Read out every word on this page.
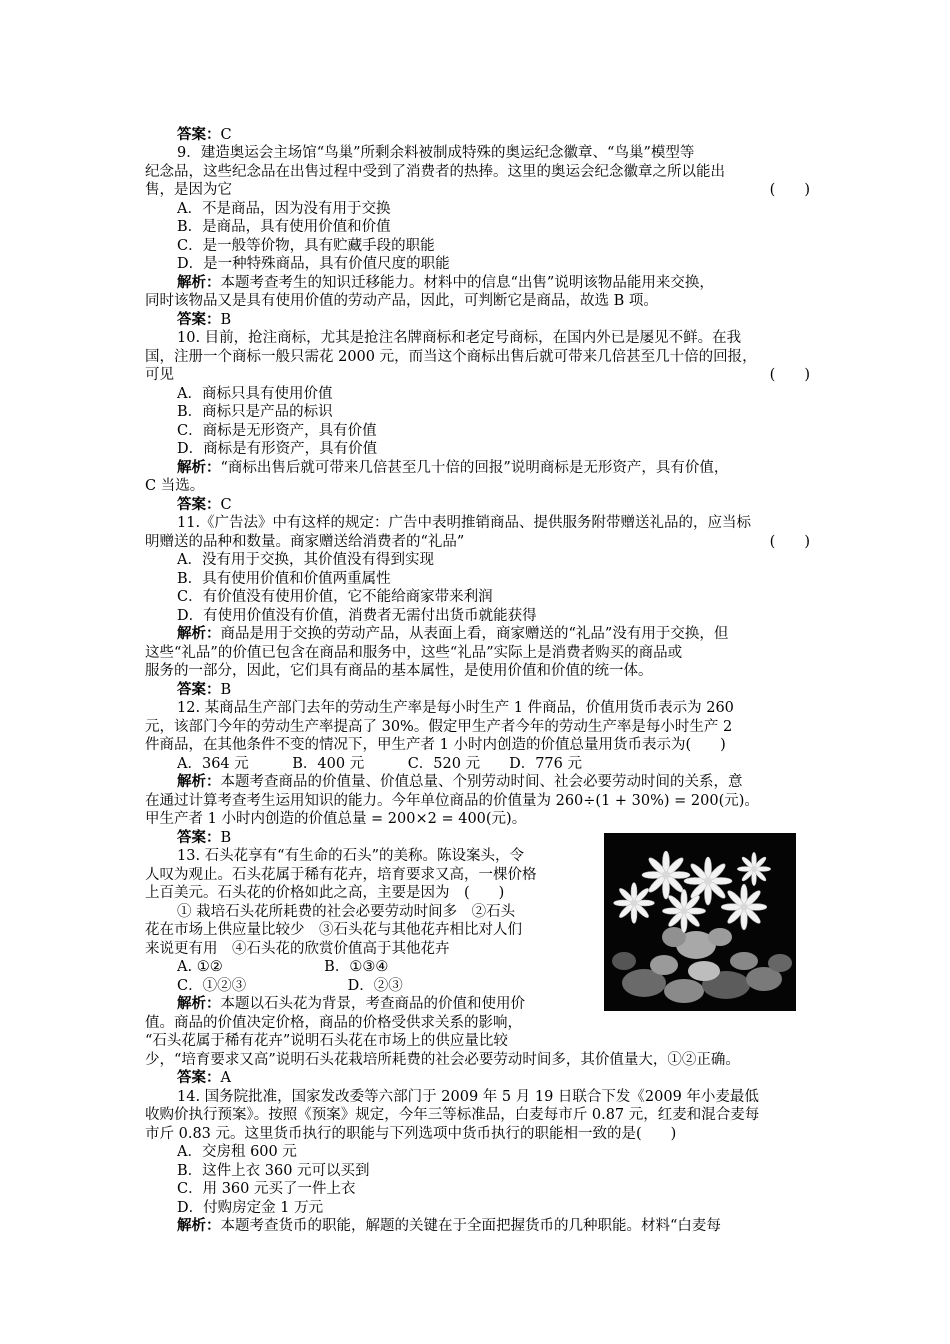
答案：C
9．建造奥运会主场馆“鸟巢”所剩余料被制成特殊的奥运纪念徽章、“鸟巢”模型等
纪念品，这些纪念品在出售过程中受到了消费者的热捧。这里的奥运会纪念徽章之所以能出
售，是因为它	(　　)
A．不是商品，因为没有用于交换
B．是商品，具有使用价值和价值
C．是一般等价物，具有贮藏手段的职能
D．是一种特殊商品，具有价值尺度的职能
解析：本题考查考生的知识迁移能力。材料中的信息“出售”说明该物品能用来交换，
同时该物品又是具有使用价值的劳动产品，因此，可判断它是商品，故选 B 项。
答案：B
10. 目前，抢注商标，尤其是抢注名牌商标和老定号商标，在国内外已是屡见不鲜。在我
国，注册一个商标一般只需花 2000 元，而当这个商标出售后就可带来几倍甚至几十倍的回报，
可见	(　　)
A．商标只具有使用价值
B．商标只是产品的标识
C．商标是无形资产，具有价值
D．商标是有形资产，具有价值
解析：“商标出售后就可带来几倍甚至几十倍的回报”说明商标是无形资产，具有价值，
C 当选。
答案：C
11.《广告法》中有这样的规定：广告中表明推销商品、提供服务附带赠送礼品的，应当标
明赠送的品种和数量。商家赠送给消费者的“礼品”	(　　)
A．没有用于交换，其价值没有得到实现
B．具有使用价值和价值两重属性
C．有价值没有使用价值，它不能给商家带来利润
D．有使用价值没有价值，消费者无需付出货币就能获得
解析：商品是用于交换的劳动产品，从表面上看，商家赠送的“礼品”没有用于交换，但
这些“礼品”的价值已包含在商品和服务中，这些“礼品”实际上是消费者购买的商品或
服务的一部分，因此，它们具有商品的基本属性，是使用价值和价值的统一体。
答案：B
12. 某商品生产部门去年的劳动生产率是每小时生产 1 件商品，价值用货币表示为 260
元，该部门今年的劳动生产率提高了 30%。假定甲生产者今年的劳动生产率是每小时生产 2
件商品，在其他条件不变的情况下，甲生产者 1 小时内创造的价值总量用货币表示为(　　)
A．364 元　　　B．400 元　　　C．520 元　　D．776 元
解析：本题考查商品的价值量、价值总量、个别劳动时间、社会必要劳动时间的关系，意
在通过计算考查考生运用知识的能力。今年单位商品的价值量为 260÷(1 + 30%) = 200(元)。
甲生产者 1 小时内创造的价值总量 = 200×2 = 400(元)。
答案：B
13. 石头花享有“有生命的石头”的美称。陈设案头，令
人叹为观止。石头花属于稀有花卉，培育要求又高，一棵价格
上百美元。石头花的价格如此之高，主要是因为　(　　)
① 栽培石头花所耗费的社会必要劳动时间多　②石头
花在市场上供应量比较少　③石头花与其他花卉相比对人们
来说更有用　④石头花的欣赏价值高于其他花卉
A. ①②　　　　　　　B．①③④
C．①②③　　　　　　　D．②③
解析：本题以石头花为背景，考查商品的价值和使用价
值。商品的价值决定价格，商品的价格受供求关系的影响，
“石头花属于稀有花卉”说明石头花在市场上的供应量比较
少，“培育要求又高”说明石头花栽培所耗费的社会必要劳动时间多，其价值量大，①②正确。
答案：A
14. 国务院批准，国家发改委等六部门于 2009 年 5 月 19 日联合下发《2009 年小麦最低
收购价执行预案》。按照《预案》规定，今年三等标准品，白麦每市斤 0.87 元，红麦和混合麦每
市斤 0.83 元。这里货币执行的职能与下列选项中货币执行的职能相一致的是(　　)
A．交房租 600 元
B．这件上衣 360 元可以买到
C．用 360 元买了一件上衣
D．付购房定金 1 万元
解析：本题考查货币的职能，解题的关键在于全面把握货币的几种职能。材料“白麦每
